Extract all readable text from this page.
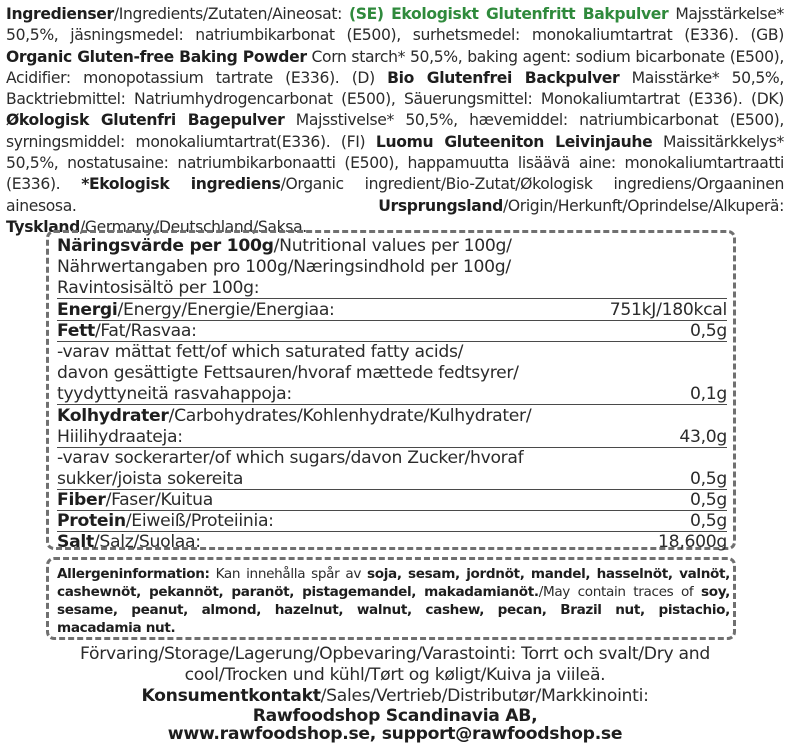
Ingredienser/Ingredients/Zutaten/Aineosat: (SE) Ekologiskt Glutenfritt Bakpulver Majsstärkelse* 50,5%, jäsningsmedel: natriumbikarbonat (E500), surhetsmedel: monokaliumtartrat (E336). (GB) Organic Gluten-free Baking Powder Corn starch* 50,5%, baking agent: sodium bicarbonate (E500), Acidifier: monopotassium tartrate (E336). (D) Bio Glutenfrei Backpulver Maisstärke* 50,5%, Backtriebmittel: Natriumhydrogencarbonat (E500), Säuerungsmittel: Monokaliumtartrat (E336). (DK) Økologisk Glutenfri Bagepulver Majsstivelse* 50,5%, hævemiddel: natriumbicarbonat (E500), syrningsmiddel: monokaliumtartrat(E336). (FI) Luomu Gluteeniton Leivinjauhe Maissitärkkelys* 50,5%, nostatusaine: natriumbikarbonaatti (E500), happamuutta lisäävä aine: monokaliumtartraatti (E336). *Ekologisk ingrediens/Organic ingredient/Bio-Zutat/Økologisk ingrediens/Orgaaninen ainesosa. Ursprungsland/Origin/Herkunft/Oprindelse/Alkuperä: Tyskland/Germany/Deutschland/Saksa.
Näringsvärde per 100g/Nutritional values per 100g/
Nährwertangaben pro 100g/Næringsindhold per 100g/
Ravintosisältö per 100g:
Energi/Energy/Energie/Energiaa:	751kJ/180kcal
Fett/Fat/Rasvaa:	0,5g
-varav mättat fett/of which saturated fatty acids/
davon gesättigte Fettsauren/hvoraf mættede fedtsyrer/
tyydyttyneitä rasvahappoja:	0,1g
Kolhydrater/Carbohydrates/Kohlenhydrate/Kulhydrater/
Hiilihydraateja:	43,0g
-varav sockerarter/of which sugars/davon Zucker/hvoraf
sukker/joista sokereita	0,5g
Fiber/Faser/Kuitua	0,5g
Protein/Eiweiß/Proteiinia:	0,5g
Salt/Salz/Suolaa:	18,600g
Allergeninformation: Kan innehålla spår av soja, sesam, jordnöt, mandel, hasselnöt, valnöt, cashewnöt, pekannöt, paranöt, pistagemandel, makadamianöt./May contain traces of soy, sesame, peanut, almond, hazelnut, walnut, cashew, pecan, Brazil nut, pistachio, macadamia nut.
Förvaring/Storage/Lagerung/Opbevaring/Varastointi: Torrt och svalt/Dry and
cool/Trocken und kühl/Tørt og køligt/Kuiva ja viileä.
Konsumentkontakt/Sales/Vertrieb/Distributør/Markkinointi:
Rawfoodshop Scandinavia AB,
www.rawfoodshop.se, support@rawfoodshop.se
